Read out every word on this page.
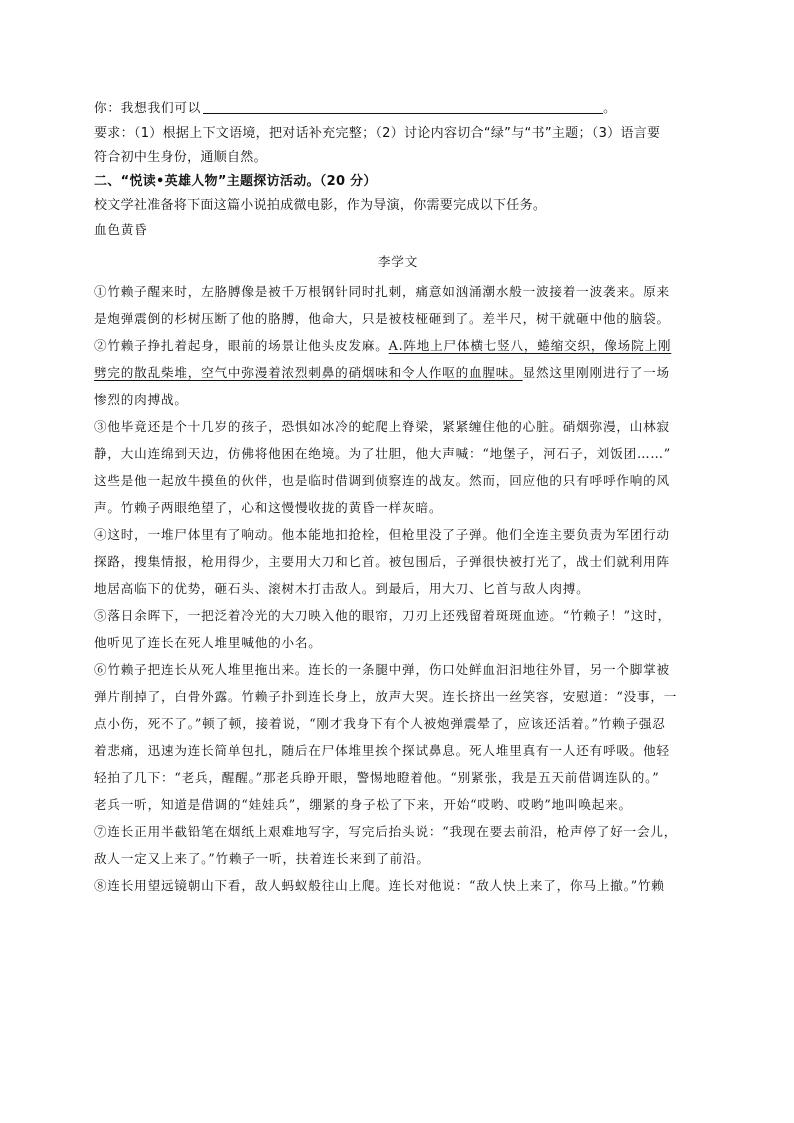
你：我想我们可以	。

要求：（1）根据上下文语境，把对话补充完整；（2）讨论内容切合“绿”与“书”主题；（3）语言要

符合初中生身份，通顺自然。

二、“悦读•英雄人物”主题探访活动。（20 分）

校文学社准备将下面这篇小说拍成微电影，作为导演，你需要完成以下任务。

血色黄昏

李学文

①竹赖子醒来时，左胳膊像是被千万根钢针同时扎刺，痛意如汹涌潮水般一波接着一波袭来。原来

是炮弹震倒的杉树压断了他的胳膊，他命大，只是被枝桠砸到了。差半尺，树干就砸中他的脑袋。

②竹赖子挣扎着起身，眼前的场景让他头皮发麻。A.阵地上尸体横七竖八，蜷缩交织，像场院上刚

劈完的散乱柴堆，空气中弥漫着浓烈刺鼻的硝烟味和令人作呕的血腥味。显然这里刚刚进行了一场

惨烈的肉搏战。

③他毕竟还是个十几岁的孩子，恐惧如冰冷的蛇爬上脊梁，紧紧缠住他的心脏。硝烟弥漫，山林寂

静，大山连绵到天边，仿佛将他困在绝境。为了壮胆，他大声喊：“地堡子，河石子，刘饭团……”

这些是他一起放牛摸鱼的伙伴，也是临时借调到侦察连的战友。然而，回应他的只有呼呼作响的风

声。竹赖子两眼绝望了，心和这慢慢收拢的黄昏一样灰暗。

④这时，一堆尸体里有了响动。他本能地扣抢栓，但枪里没了子弹。他们全连主要负责为军团行动

探路，搜集情报，枪用得少，主要用大刀和匕首。被包围后，子弹很快被打光了，战士们就利用阵

地居高临下的优势，砸石头、滚树木打击敌人。到最后，用大刀、匕首与敌人肉搏。

⑤落日余晖下，一把泛着冷光的大刀映入他的眼帘，刀刃上还残留着斑斑血迹。“竹赖子！”这时，

他听见了连长在死人堆里喊他的小名。

⑥竹赖子把连长从死人堆里拖出来。连长的一条腿中弹，伤口处鲜血汩汩地往外冒，另一个脚掌被

弹片削掉了，白骨外露。竹赖子扑到连长身上，放声大哭。连长挤出一丝笑容，安慰道：“没事，一

点小伤，死不了。”顿了顿，接着说，“刚才我身下有个人被炮弹震晕了，应该还活着。”竹赖子强忍

着悲痛，迅速为连长简单包扎，随后在尸体堆里挨个探试鼻息。死人堆里真有一人还有呼吸。他轻

轻拍了几下：“老兵，醒醒。”那老兵睁开眼，警惕地瞪着他。“别紧张，我是五天前借调连队的。”

老兵一听，知道是借调的“娃娃兵”，绷紧的身子松了下来，开始“哎哟、哎哟”地叫唤起来。

⑦连长正用半截铅笔在烟纸上艰难地写字，写完后抬头说：“我现在要去前沿，枪声停了好一会儿，

敌人一定又上来了。”竹赖子一听，扶着连长来到了前沿。

⑧连长用望远镜朝山下看，敌人蚂蚁般往山上爬。连长对他说：“敌人快上来了，你马上撤。”竹赖
